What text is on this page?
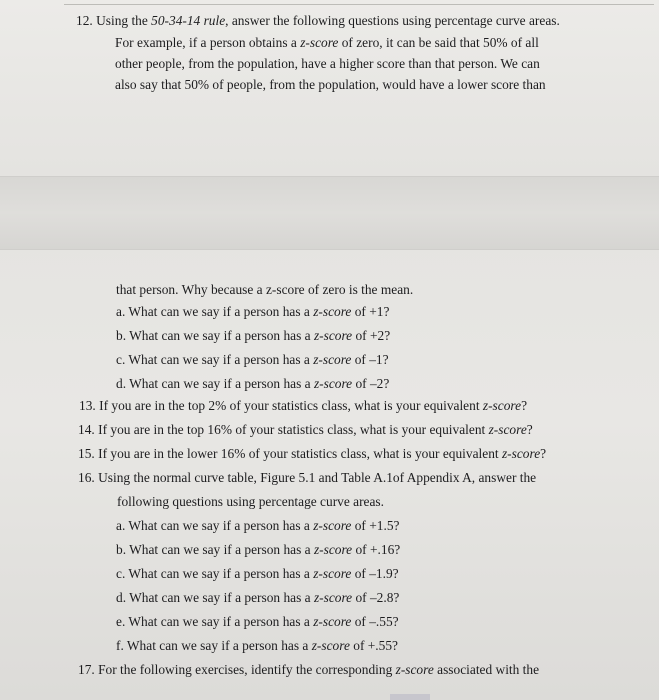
12. Using the 50-34-14 rule, answer the following questions using percentage curve areas.
For example, if a person obtains a z-score of zero, it can be said that 50% of all
other people, from the population, have a higher score than that person. We can
also say that 50% of people, from the population, would have a lower score than
that person. Why because a z-score of zero is the mean.
a. What can we say if a person has a z-score of +1?
b. What can we say if a person has a z-score of +2?
c. What can we say if a person has a z-score of –1?
d. What can we say if a person has a z-score of –2?
13. If you are in the top 2% of your statistics class, what is your equivalent z-score?
14. If you are in the top 16% of your statistics class, what is your equivalent z-score?
15. If you are in the lower 16% of your statistics class, what is your equivalent z-score?
16. Using the normal curve table, Figure 5.1 and Table A.1of Appendix A, answer the
following questions using percentage curve areas.
a. What can we say if a person has a z-score of +1.5?
b. What can we say if a person has a z-score of +.16?
c. What can we say if a person has a z-score of –1.9?
d. What can we say if a person has a z-score of –2.8?
e. What can we say if a person has a z-score of –.55?
f. What can we say if a person has a z-score of +.55?
17. For the following exercises, identify the corresponding z-score associated with the
